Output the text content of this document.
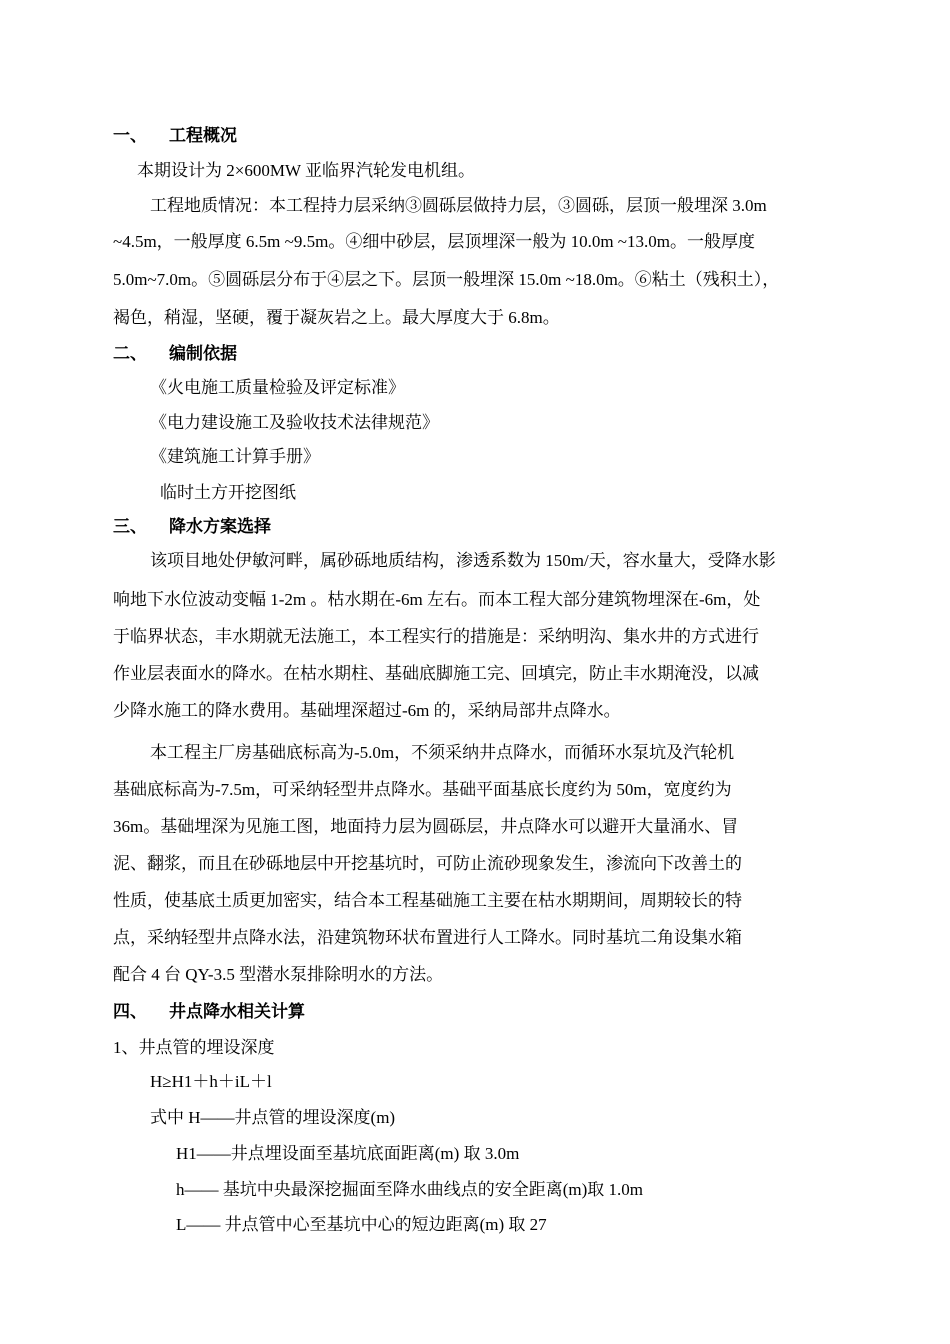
一、 工程概况
本期设计为 2×600MW 亚临界汽轮发电机组。
工程地质情况：本工程持力层采纳③圆砾层做持力层，③圆砾，层顶一般埋深 3.0m
~4.5m，一般厚度 6.5m ~9.5m。④细中砂层，层顶埋深一般为 10.0m ~13.0m。一般厚度
5.0m~7.0m。⑤圆砾层分布于④层之下。层顶一般埋深 15.0m ~18.0m。⑥粘土（残积土），
褐色，稍湿，坚硬，覆于凝灰岩之上。最大厚度大于 6.8m。
二、 编制依据
《火电施工质量检验及评定标准》
《电力建设施工及验收技术法律规范》
《建筑施工计算手册》
临时土方开挖图纸
三、 降水方案选择
该项目地处伊敏河畔，属砂砾地质结构，渗透系数为 150m/天，容水量大，受降水影
响地下水位波动变幅 1-2m 。枯水期在-6m 左右。而本工程大部分建筑物埋深在-6m，处
于临界状态，丰水期就无法施工，本工程实行的措施是：采纳明沟、集水井的方式进行
作业层表面水的降水。在枯水期柱、基础底脚施工完、回填完，防止丰水期淹没，以减
少降水施工的降水费用。基础埋深超过-6m 的，采纳局部井点降水。
本工程主厂房基础底标高为-5.0m，不须采纳井点降水，而循环水泵坑及汽轮机
基础底标高为-7.5m，可采纳轻型井点降水。基础平面基底长度约为 50m，宽度约为
36m。基础埋深为见施工图，地面持力层为圆砾层，井点降水可以避开大量涌水、冒
泥、翻浆，而且在砂砾地层中开挖基坑时，可防止流砂现象发生，渗流向下改善土的
性质，使基底土质更加密实，结合本工程基础施工主要在枯水期期间，周期较长的特
点，采纳轻型井点降水法，沿建筑物环状布置进行人工降水。同时基坑二角设集水箱
配合 4 台 QY-3.5 型潜水泵排除明水的方法。
四、 井点降水相关计算
1、井点管的埋设深度
H≥H1＋h＋iL＋l
式中 H——井点管的埋设深度(m)
H1——井点埋设面至基坑底面距离(m) 取 3.0m
h—— 基坑中央最深挖掘面至降水曲线点的安全距离(m)取 1.0m
L—— 井点管中心至基坑中心的短边距离(m) 取 27
